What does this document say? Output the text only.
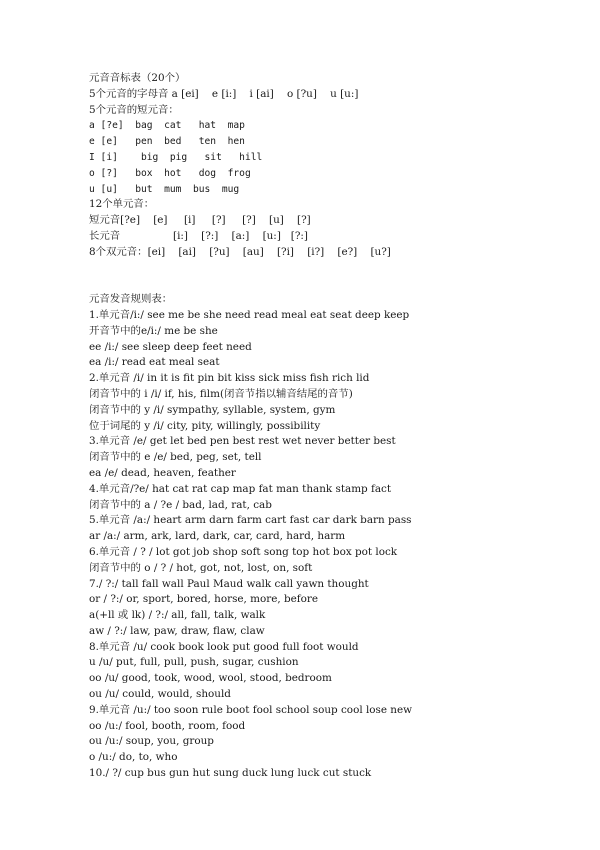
元音音标表（20个）
5个元音的字母音 a [ei]    e [i:]    i [ai]    o [?u]    u [u:]
5个元音的短元音：
a [?e]  bag  cat   hat  map
e [e]   pen  bed   ten  hen
I [i]    big  pig   sit   hill
o [?]   box  hot   dog  frog
u [u]   but  mum  bus  mug
12个单元音：
短元音[?e]    [e]     [i]     [?]     [?]    [u]    [?]
长元音                [i:]    [?:]    [a:]    [u:]   [?:]
8个双元音：[ei]    [ai]    [?u]    [au]    [?i]    [i?]    [e?]    [u?]
元音发音规则表：
1.单元音/i:/ see me be she need read meal eat seat deep keep
开音节中的e/i:/ me be she
ee /i:/ see sleep deep feet need
ea /i:/ read eat meal seat
2.单元音 /i/ in it is fit pin bit kiss sick miss fish rich lid
闭音节中的 i /i/ if, his, film(闭音节指以辅音结尾的音节)
闭音节中的 y /i/ sympathy, syllable, system, gym
位于词尾的 y /i/ city, pity, willingly, possibility
3.单元音 /e/ get let bed pen best rest wet never better best
闭音节中的 e /e/ bed, peg, set, tell
ea /e/ dead, heaven, feather
4.单元音/?e/ hat cat rat cap map fat man thank stamp fact
闭音节中的 a / ?e / bad, lad, rat, cab
5.单元音 /a:/ heart arm darn farm cart fast car dark barn pass
ar /a:/ arm, ark, lard, dark, car, card, hard, harm
6.单元音 / ? / lot got job shop soft song top hot box pot lock
闭音节中的 o / ? / hot, got, not, lost, on, soft
7./ ?:/ tall fall wall Paul Maud walk call yawn thought
or / ?:/ or, sport, bored, horse, more, before
a(+ll 或 lk) / ?:/ all, fall, talk, walk
aw / ?:/ law, paw, draw, flaw, claw
8.单元音 /u/ cook book look put good full foot would
u /u/ put, full, pull, push, sugar, cushion
oo /u/ good, took, wood, wool, stood, bedroom
ou /u/ could, would, should
9.单元音 /u:/ too soon rule boot fool school soup cool lose new
oo /u:/ fool, booth, room, food
ou /u:/ soup, you, group
o /u:/ do, to, who
10./ ?/ cup bus gun hut sung duck lung luck cut stuck
